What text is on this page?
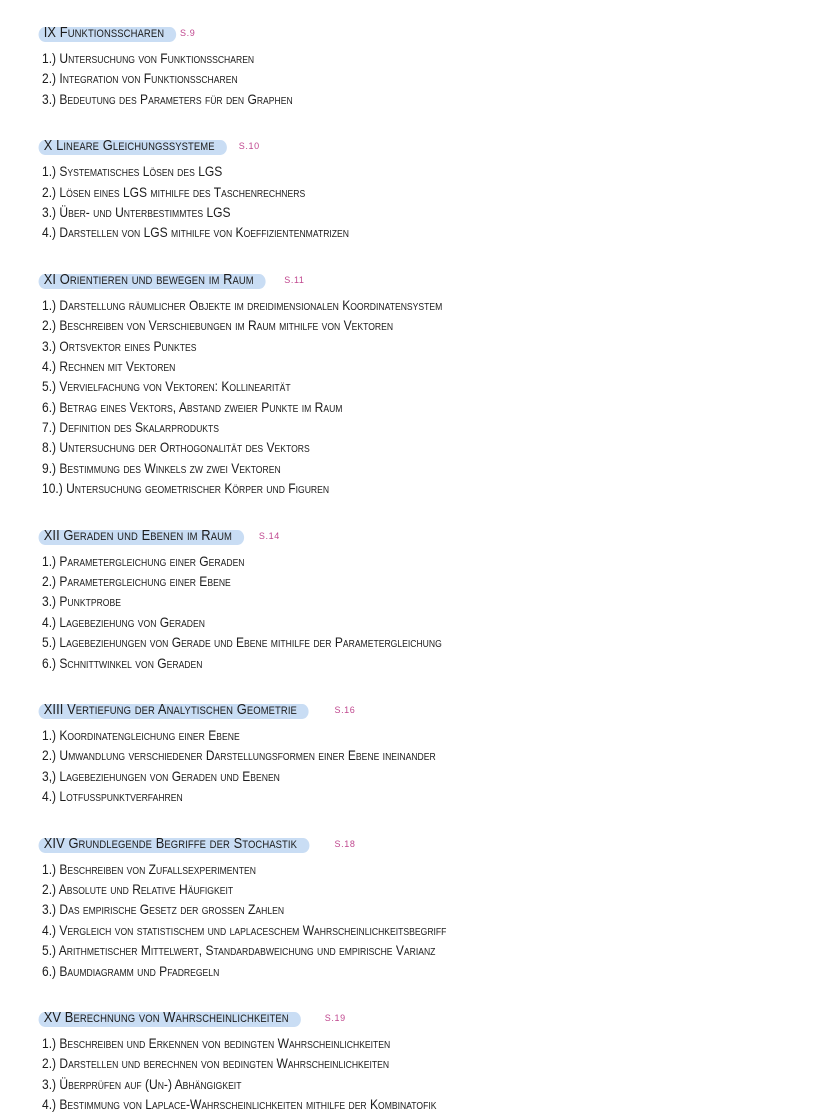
IX Funktionsscharen	S.9
1.) Untersuchung von Funktionsscharen
2.) Integration von Funktionsscharen
3.) Bedeutung des Parameters für den Graphen
X Lineare Gleichungssysteme	S.10
1.) Systematisches Lösen des LGS
2.) Lösen eines LGS mithilfe des Taschenrechners
3.) Über- und Unterbestimmtes LGS
4.) Darstellen von LGS mithilfe von Koeffizientenmatrizen
XI Orientieren und bewegen im Raum	S.11
1.) Darstellung räumlicher Objekte im dreidimensionalen Koordinatensystem
2.) Beschreiben von Verschiebungen im Raum mithilfe von Vektoren
3.) Ortsvektor eines Punktes
4.) Rechnen mit Vektoren
5.) Vervielfachung von Vektoren: Kollinearität
6.) Betrag eines Vektors, Abstand zweier Punkte im Raum
7.) Definition des Skalarprodukts
8.) Untersuchung der Orthogonalität des Vektors
9.) Bestimmung des Winkels zw zwei Vektoren
10.) Untersuchung geometrischer Körper und Figuren
XII Geraden und Ebenen im Raum	S.14
1.) Parametergleichung einer Geraden
2.) Parametergleichung einer Ebene
3.) Punktprobe
4.) Lagebeziehung von Geraden
5.) Lagebeziehungen von Gerade und Ebene mithilfe der Parametergleichung
6.) Schnittwinkel von Geraden
XIII Vertiefung der Analytischen Geometrie	S.16
1.) Koordinatengleichung einer Ebene
2.) Umwandlung verschiedener Darstellungsformen einer Ebene ineinander
3,) Lagebeziehungen von Geraden und Ebenen
4.) Lotfußpunktverfahren
XIV Grundlegende Begriffe der Stochastik	S.18
1.) Beschreiben von Zufallsexperimenten
2.) Absolute und Relative Häufigkeit
3.) Das empirische Gesetz der großen Zahlen
4.) Vergleich von statistischem und laplaceschem Wahrscheinlichkeitsbegriff
5.) Arithmetischer Mittelwert, Standardabweichung und empirische Varianz
6.) Baumdiagramm und Pfadregeln
XV Berechnung von Wahrscheinlichkeiten	S.19
1.) Beschreiben und Erkennen von bedingten Wahrscheinlichkeiten
2.) Darstellen und berechnen von bedingten Wahrscheinlichkeiten
3.) Überprüfen auf (Un-) Abhängigkeit
4.) Bestimmung von Laplace-Wahrscheinlichkeiten mithilfe der Kombinatofik
